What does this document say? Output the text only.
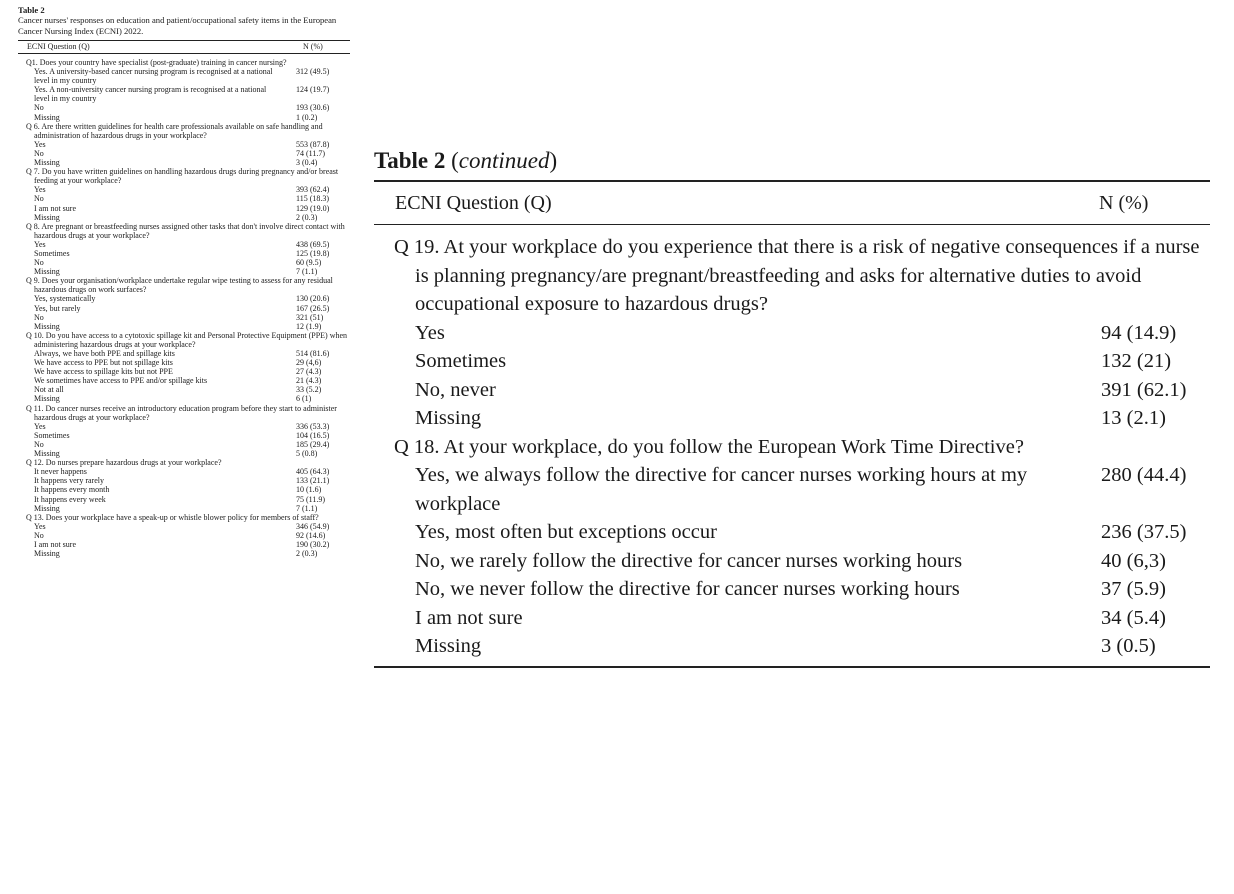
Table 2
Cancer nurses' responses on education and patient/occupational safety items in the European Cancer Nursing Index (ECNI) 2022.
ECNI Question (Q)	N (%)
Q1. Does your country have specialist (post-graduate) training in cancer nursing?
Yes. A university-based cancer nursing program is recognised at a national level in my country
312 (49.5)
Yes. A non-university cancer nursing program is recognised at a national level in my country
124 (19.7)
No	193 (30.6)
Missing	1 (0.2)
Q 6. Are there written guidelines for health care professionals available on safe handling and administration of hazardous drugs in your workplace?
Yes	553 (87.8)
No	74 (11.7)
Missing	3 (0.4)
Q 7. Do you have written guidelines on handling hazardous drugs during pregnancy and/or breast feeding at your workplace?
Yes	393 (62.4)
No	115 (18.3)
I am not sure	129 (19.0)
Missing	2 (0.3)
Q 8. Are pregnant or breastfeeding nurses assigned other tasks that don't involve direct contact with hazardous drugs at your workplace?
Yes	438 (69.5)
Sometimes	125 (19.8)
No	60 (9.5)
Missing	7 (1.1)
Q 9. Does your organisation/workplace undertake regular wipe testing to assess for any residual hazardous drugs on work surfaces?
Yes, systematically	130 (20.6)
Yes, but rarely	167 (26.5)
No	321 (51)
Missing	12 (1.9)
Q 10. Do you have access to a cytotoxic spillage kit and Personal Protective Equipment (PPE) when administering hazardous drugs at your workplace?
Always, we have both PPE and spillage kits	514 (81.6)
We have access to PPE but not spillage kits	29 (4,6)
We have access to spillage kits but not PPE	27 (4.3)
We sometimes have access to PPE and/or spillage kits	21 (4.3)
Not at all	33 (5.2)
Missing	6 (1)
Q 11. Do cancer nurses receive an introductory education program before they start to administer hazardous drugs at your workplace?
Yes	336 (53.3)
Sometimes	104 (16.5)
No	185 (29.4)
Missing	5 (0.8)
Q 12. Do nurses prepare hazardous drugs at your workplace?
It never happens	405 (64.3)
It happens very rarely	133 (21.1)
It happens every month	10 (1.6)
It happens every week	75 (11.9)
Missing	7 (1.1)
Q 13. Does your workplace have a speak-up or whistle blower policy for members of staff?
Yes	346 (54.9)
No	92 (14.6)
I am not sure	190 (30.2)
Missing	2 (0.3)
Table 2 (continued)
ECNI Question (Q)	N (%)
Q 19. At your workplace do you experience that there is a risk of negative consequences if a nurse is planning pregnancy/are pregnant/breastfeeding and asks for alternative duties to avoid occupational exposure to hazardous drugs?
Yes	94 (14.9)
Sometimes	132 (21)
No, never	391 (62.1)
Missing	13 (2.1)
Q 18. At your workplace, do you follow the European Work Time Directive?
Yes, we always follow the directive for cancer nurses working hours at my workplace
280 (44.4)
Yes, most often but exceptions occur	236 (37.5)
No, we rarely follow the directive for cancer nurses working hours	40 (6,3)
No, we never follow the directive for cancer nurses working hours	37 (5.9)
I am not sure	34 (5.4)
Missing	3 (0.5)
